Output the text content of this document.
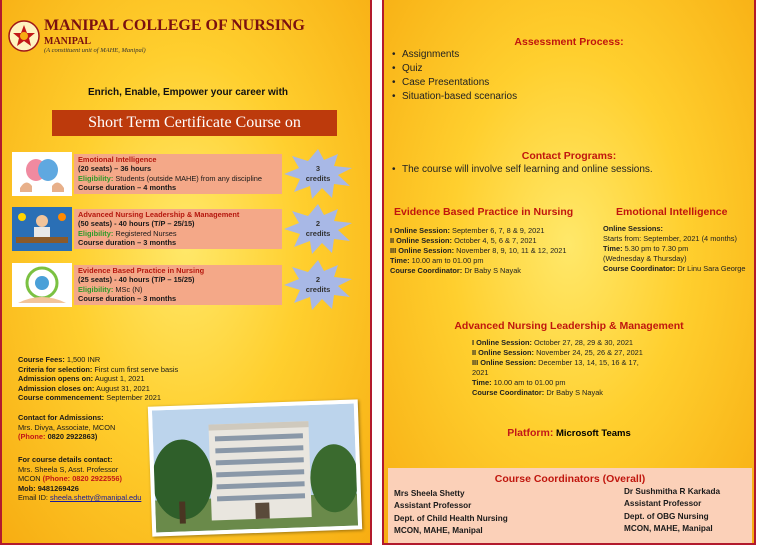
MANIPAL COLLEGE OF NURSING
MANIPAL
(A constituent unit of MAHE, Manipal)
Enrich, Enable, Empower your career with
Short Term Certificate Course on
Emotional Intelligence
(20 seats) – 36 hours
Eligibility: Students (outside MAHE) from any discipline
Course duration – 4 months
3
credits
Advanced Nursing Leadership & Management
(50 seats) - 40 hours (T/P – 25/15)
Eligibility: Registered Nurses
Course duration – 3 months
2
credits
Evidence Based Practice in Nursing
(25 seats) - 40 hours (T/P – 15/25)
Eligibility: MSc (N)
Course duration – 3 months
2
credits
Course Fees: 1,500 INR
Criteria for selection: First cum first serve basis
Admission opens on: August 1, 2021
Admission closes on: August 31, 2021
Course commencement: September 2021
Contact for Admissions:
Mrs. Divya, Associate, MCON
(Phone: 0820 2922863)
For course details contact:
Mrs. Sheela S, Asst. Professor
MCON (Phone: 0820 2922556)
Mob: 9481269426
Email ID: sheela.shetty@manipal.edu
Assessment Process:
• Assignments
• Quiz
• Case Presentations
• Situation-based scenarios
Contact Programs:
• The course will involve self learning and online sessions.
Evidence Based Practice in Nursing
I Online Session: September 6, 7, 8 & 9, 2021
II Online Session: October 4, 5, 6 & 7, 2021
III Online Session: November 8, 9, 10, 11 & 12, 2021
Time: 10.00 am to 01.00 pm
Course Coordinator: Dr Baby S Nayak
Emotional Intelligence
Online Sessions:
Starts from: September, 2021 (4 months)
Time: 5.30 pm to 7.30 pm
(Wednesday & Thursday)
Course Coordinator: Dr Linu Sara George
Advanced Nursing Leadership & Management
I Online Session: October 27, 28, 29 & 30, 2021
II Online Session: November 24, 25, 26 & 27, 2021
III Online Session: December 13, 14, 15, 16 & 17,
2021
Time: 10.00 am to 01.00 pm
Course Coordinator: Dr Baby S Nayak
Platform: Microsoft Teams
Course Coordinators (Overall)
Mrs Sheela Shetty
Assistant Professor
Dept. of Child Health Nursing
MCON, MAHE, Manipal
Dr Sushmitha R Karkada
Assistant Professor
Dept. of OBG Nursing
MCON, MAHE, Manipal
